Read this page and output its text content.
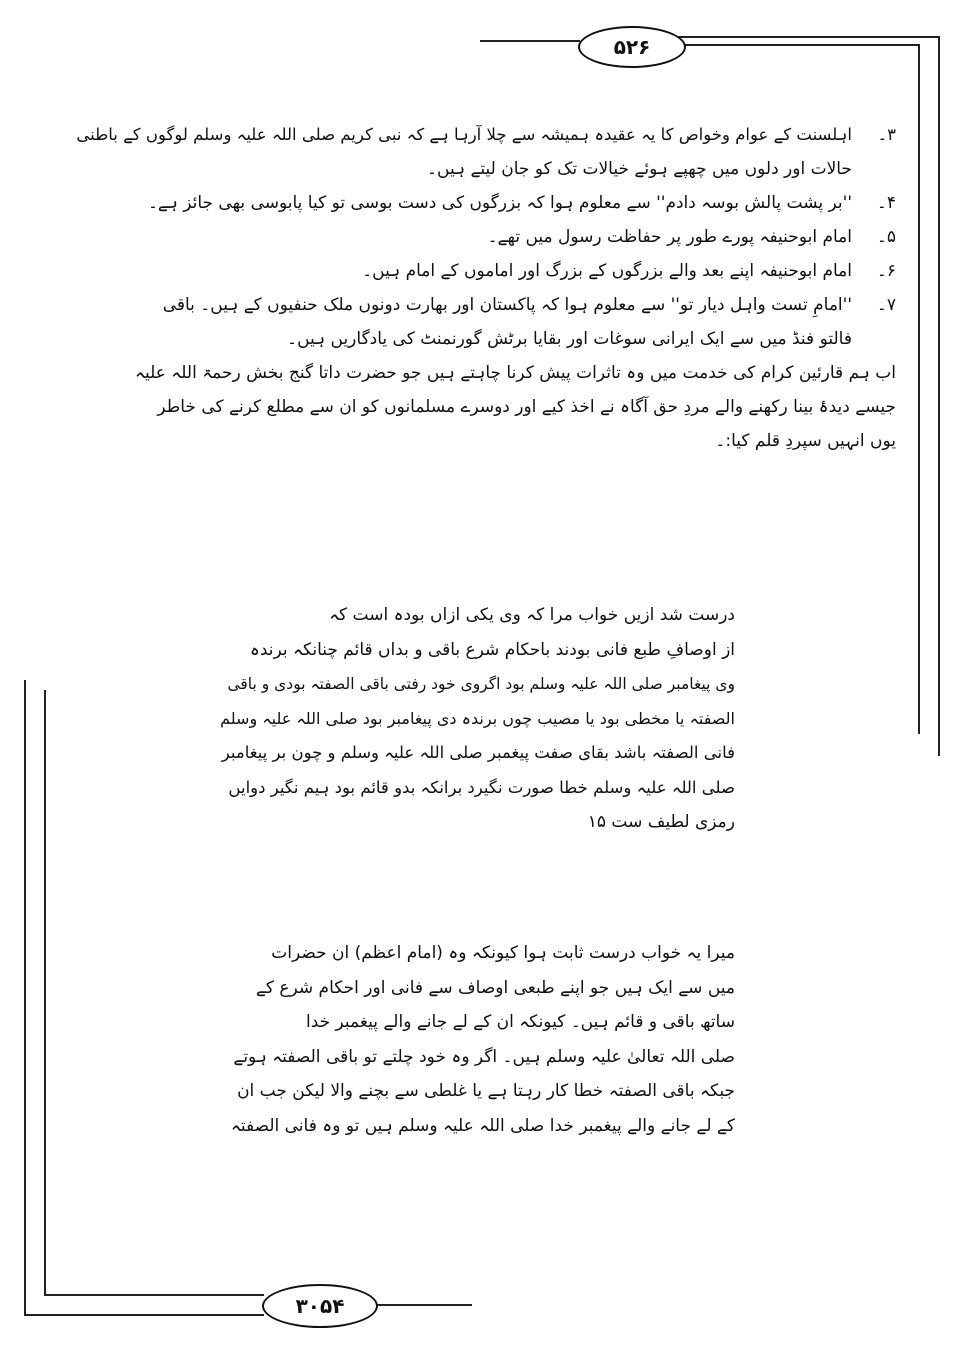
۵۲۶
۳۰۵۴
۳۔اہلسنت کے عوام وخواص کا یہ عقیدہ ہمیشہ سے چلا آرہا ہے کہ نبی کریم صلی اللہ علیہ وسلم لوگوں کے باطنی
حالات اور دلوں میں چھپے ہوئے خیالات تک کو جان لیتے ہیں۔
۴۔''بر پشت پالش بوسہ دادم'' سے معلوم ہوا کہ بزرگوں کی دست بوسی تو کیا پابوسی بھی جائز ہے۔
۵۔امام ابوحنیفہ پورے طور پر حفاظت رسول میں تھے۔
۶۔امام ابوحنیفہ اپنے بعد والے بزرگوں کے بزرگ اور اماموں کے امام ہیں۔
۷۔''امامِ تست واہل دیار تو'' سے معلوم ہوا کہ پاکستان اور بھارت دونوں ملک حنفیوں کے ہیں۔ باقی
فالتو فنڈ میں سے ایک ایرانی سوغات اور بقایا برٹش گورنمنٹ کی یادگاریں ہیں۔
اب ہم قارئین کرام کی خدمت میں وہ تاثرات پیش کرنا چاہتے ہیں جو حضرت داتا گنج بخش رحمۃ اللہ علیہ
جیسے دیدۂ بینا رکھنے والے مردِ حق آگاہ نے اخذ کیے اور دوسرے مسلمانوں کو ان سے مطلع کرنے کی خاطر
یوں انہیں سپردِ قلم کیا:۔
درست شد ازیں خواب مرا کہ وی یکی ازاں بودہ است کہ
از اوصافِ طبع فانی بودند باحکام شرع باقی و بداں قائم چنانکہ برندہ
وی پیغامبر صلی اللہ علیہ وسلم بود اگروی خود رفتی باقی الصفتہ بودی و باقی
الصفتہ یا مخطی بود یا مصیب چوں برندہ دی پیغامبر بود صلی اللہ علیہ وسلم
فانی الصفتہ باشد بقای صفت پیغمبر صلی اللہ علیہ وسلم و چون بر پیغامبر
صلی اللہ علیہ وسلم خطا صورت نگیرد برانکہ بدو قائم بود ہیم نگیر دوایں
رمزی لطیف ست ۱۵
میرا یہ خواب درست ثابت ہوا کیونکہ وہ (امام اعظم) ان حضرات
میں سے ایک ہیں جو اپنے طبعی اوصاف سے فانی اور احکام شرع کے
ساتھ باقی و قائم ہیں۔ کیونکہ ان کے لے جانے والے پیغمبر خدا
صلی اللہ تعالیٰ علیہ وسلم ہیں۔ اگر وہ خود چلتے تو باقی الصفتہ ہوتے
جبکہ باقی الصفتہ خطا کار رہتا ہے یا غلطی سے بچنے والا لیکن جب ان
کے لے جانے والے پیغمبر خدا صلی اللہ علیہ وسلم ہیں تو وہ فانی الصفتہ
